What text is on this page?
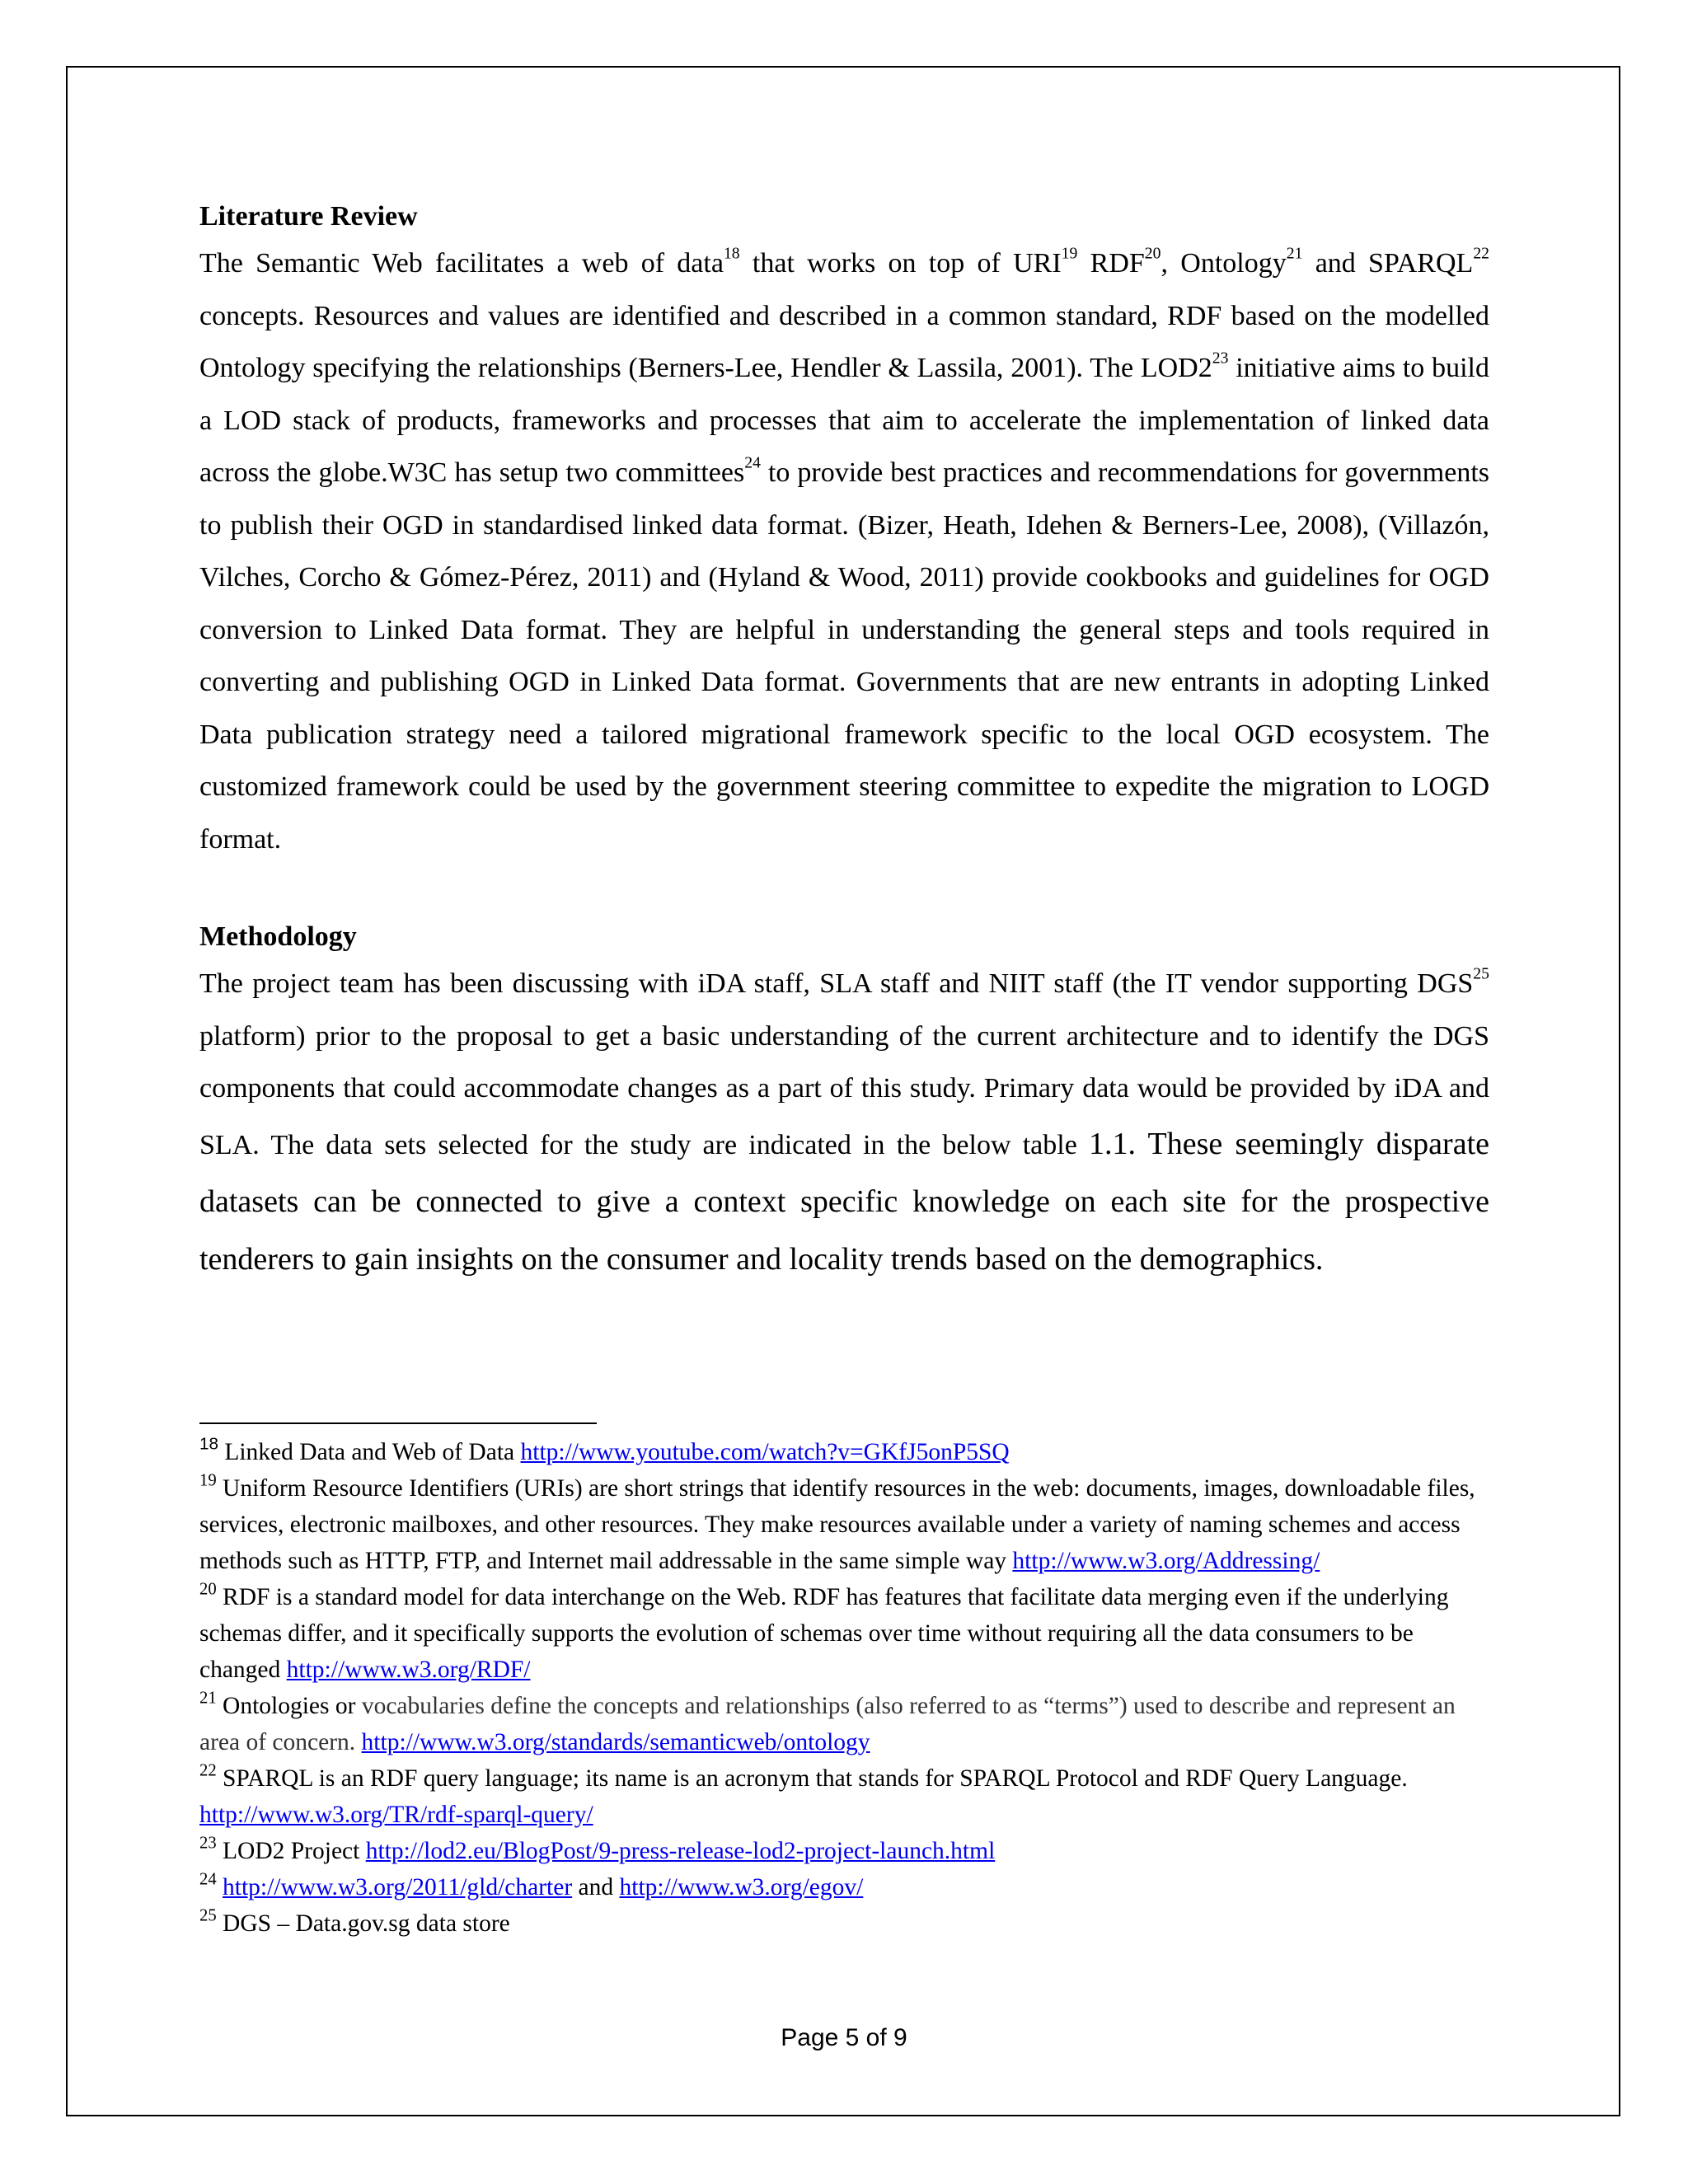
Literature Review

The Semantic Web facilitates a web of data$^{18}$ that works on top of URI$^{19}$ RDF$^{20}$, Ontology$^{21}$ and SPARQL$^{22}$ concepts. Resources and values are identified and described in a common standard, RDF based on the modelled Ontology specifying the relationships (Berners-Lee, Hendler & Lassila, 2001). The $LOD2^{23}$ initiative aims to build a LOD stack of products, frameworks and processes that aim to accelerate the implementation of linked data across the globe.W3C has setup two committees$^{24}$ to provide best practices and recommendations for governments to publish their OGD in standardised linked data format. (Bizer, Heath, Idehen & Berners-Lee, 2008), (Villazón, Vilches, Corcho & Gómez-Pérez, 2011) and (Hyland & Wood, 2011) provide cookbooks and guidelines for OGD conversion to Linked Data format. They are helpful in understanding the general steps and tools required in converting and publishing OGD in Linked Data format. Governments that are new entrants in adopting Linked Data publication strategy need a tailored migrational framework specific to the local OGD ecosystem. The customized framework could be used by the government steering committee to expedite the migration to LOGD format.

Methodology

The project team has been discussing with iDA staff, SLA staff and NIIT staff (the IT vendor supporting DGS$^{25}$ platform) prior to the proposal to get a basic understanding of the current architecture and to identify the DGS components that could accommodate changes as a part of this study. Primary data would be provided by iDA and SLA. The data sets selected for the study are indicated in the below table 1.1. These seemingly disparate datasets can be connected to give a context specific knowledge on each site for the prospective tenderers to gain insights on the consumer and locality trends based on the demographics.

$^{18}$ Linked Data and Web of Data http://www.youtube.com/watch?v=GKfJ5onP5SQ

$^{19}$ Uniform Resource Identifiers (URIs) are short strings that identify resources in the web: documents, images, downloadable files, services, electronic mailboxes, and other resources. They make resources available under a variety of naming schemes and access methods such as HTTP, FTP, and Internet mail addressable in the same simple way http://www.w3.org/Addressing/

$^{20}$ RDF is a standard model for data interchange on the Web. RDF has features that facilitate data merging even if the underlying schemas differ, and it specifically supports the evolution of schemas over time without requiring all the data consumers to be changed http://www.w3.org/RDF/

$^{21}$ Ontologies or vocabularies define the concepts and relationships (also referred to as “terms”) used to describe and represent an area of concern. http://www.w3.org/standards/semanticweb/ontology

$^{22}$ SPARQL is an RDF query language; its name is an acronym that stands for SPARQL Protocol and RDF Query Language. http://www.w3.org/TR/rdf-sparql-query/

$^{23}$ LOD2 Project http://lod2.eu/BlogPost/9-press-release-lod2-project-launch.html

$^{24}$ http://www.w3.org/2011/gld/charter and http://www.w3.org/egov/

$^{25}$ DGS – Data.gov.sg data store

Page 5 of 9
